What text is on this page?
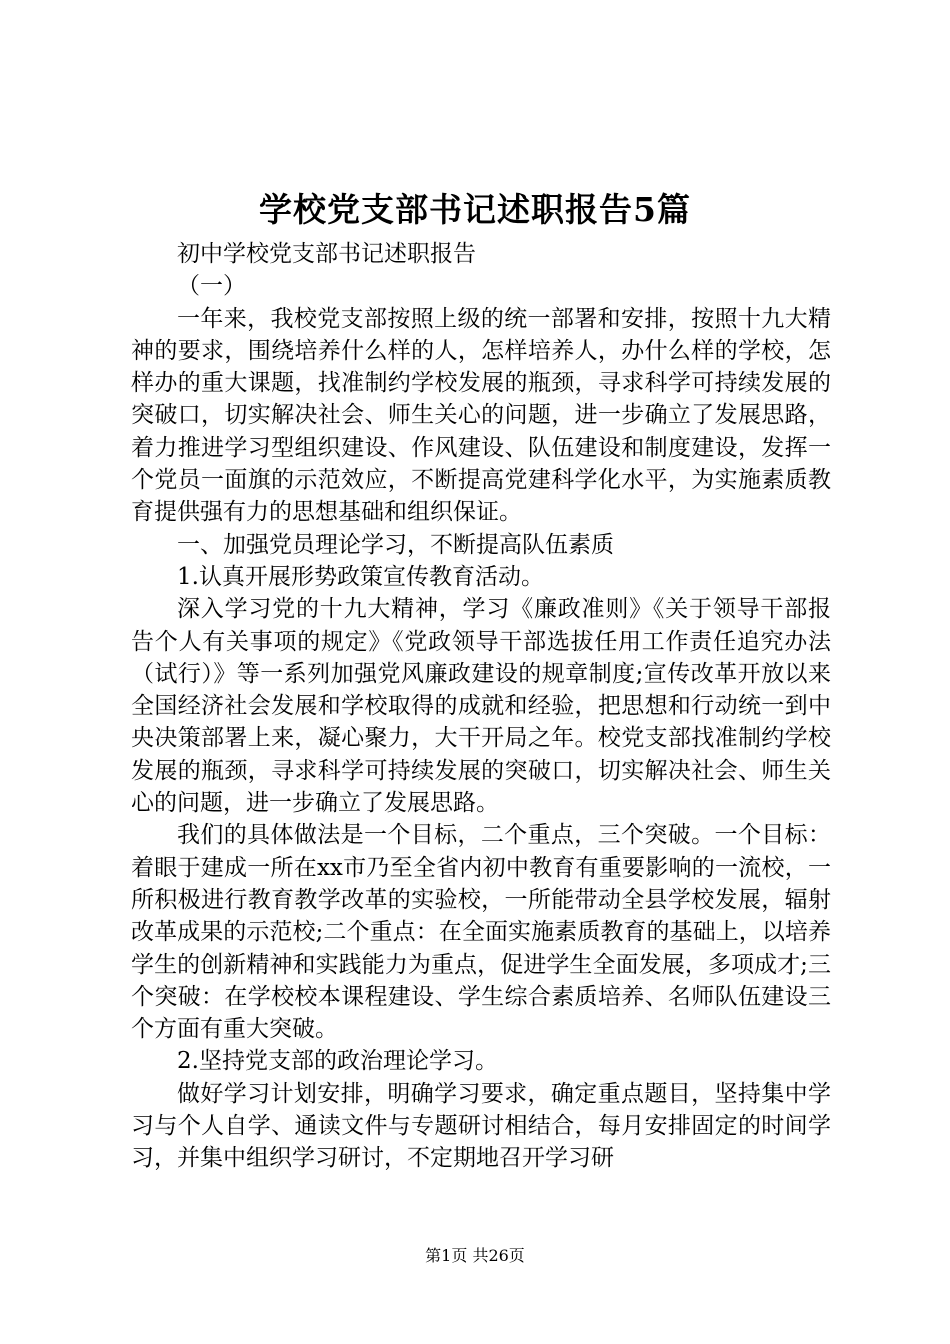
学校党支部书记述职报告5篇

初中学校党支部书记述职报告

（一）

一年来，我校党支部按照上级的统一部署和安排，按照十九大精神的要求，围绕培养什么样的人，怎样培养人，办什么样的学校，怎样办的重大课题，找准制约学校发展的瓶颈，寻求科学可持续发展的突破口，切实解决社会、师生关心的问题，进一步确立了发展思路，着力推进学习型组织建设、作风建设、队伍建设和制度建设，发挥一个党员一面旗的示范效应，不断提高党建科学化水平，为实施素质教育提供强有力的思想基础和组织保证。

一、加强党员理论学习，不断提高队伍素质

1.认真开展形势政策宣传教育活动。

深入学习党的十九大精神，学习《廉政准则》《关于领导干部报告个人有关事项的规定》《党政领导干部选拔任用工作责任追究办法（试行）》等一系列加强党风廉政建设的规章制度;宣传改革开放以来全国经济社会发展和学校取得的成就和经验，把思想和行动统一到中央决策部署上来，凝心聚力，大干开局之年。校党支部找准制约学校发展的瓶颈，寻求科学可持续发展的突破口，切实解决社会、师生关心的问题，进一步确立了发展思路。

我们的具体做法是一个目标，二个重点，三个突破。一个目标：着眼于建成一所在xx市乃至全省内初中教育有重要影响的一流校，一所积极进行教育教学改革的实验校，一所能带动全县学校发展，辐射改革成果的示范校;二个重点：在全面实施素质教育的基础上，以培养学生的创新精神和实践能力为重点，促进学生全面发展，多项成才;三个突破：在学校校本课程建设、学生综合素质培养、名师队伍建设三个方面有重大突破。

2.坚持党支部的政治理论学习。

做好学习计划安排，明确学习要求，确定重点题目，坚持集中学习与个人自学、通读文件与专题研讨相结合，每月安排固定的时间学习，并集中组织学习研讨，不定期地召开学习研

第1页 共26页
